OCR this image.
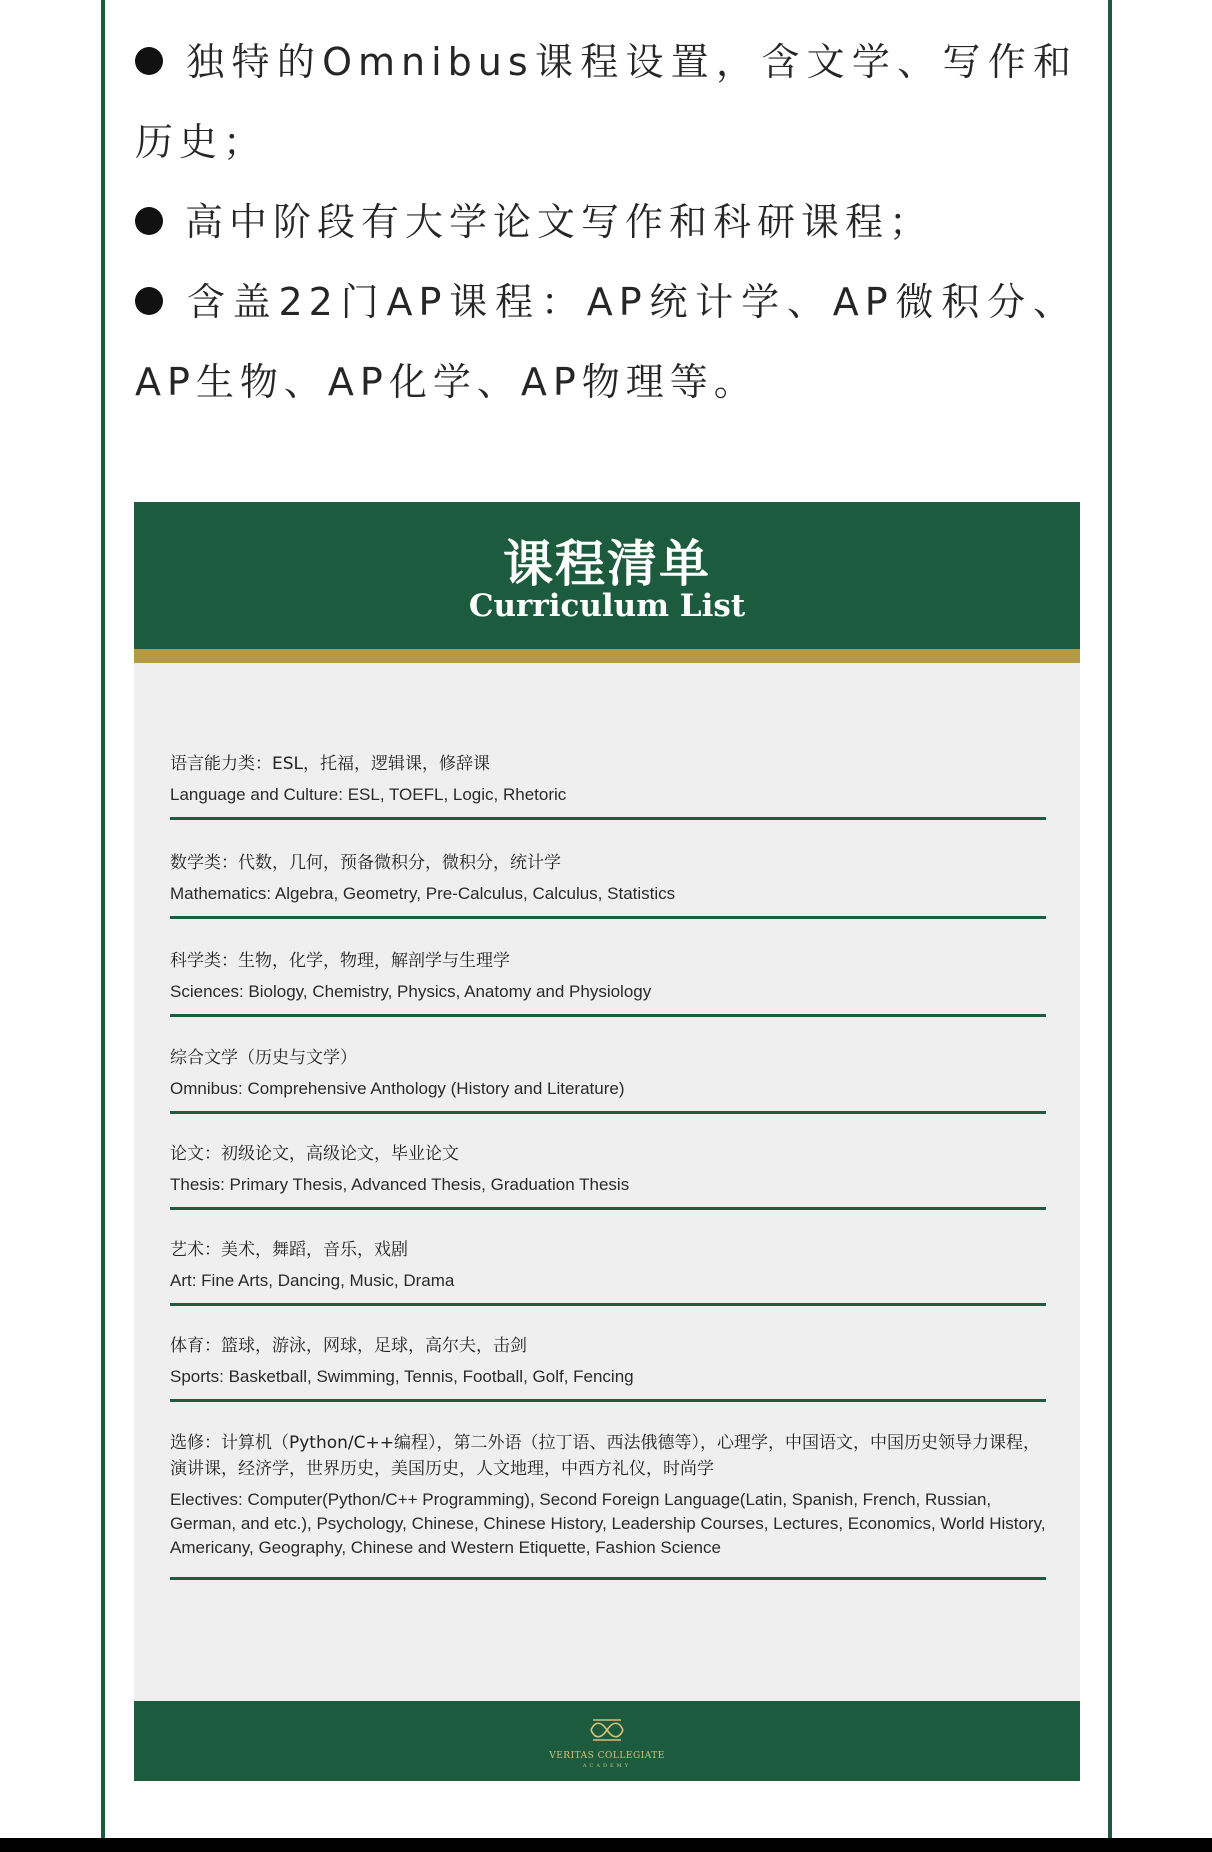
独特的Omnibus课程设置，含文学、写作和历史；

高中阶段有大学论文写作和科研课程；

含盖22门AP课程：AP统计学、AP微积分、AP生物、AP化学、AP物理等。

课程清单
Curriculum List
语言能力类：ESL，托福，逻辑课，修辞课
Language and Culture: ESL, TOEFL, Logic, Rhetoric
数学类：代数，几何，预备微积分，微积分，统计学
Mathematics: Algebra, Geometry, Pre-Calculus, Calculus, Statistics
科学类：生物，化学，物理，解剖学与生理学
Sciences: Biology, Chemistry, Physics, Anatomy and Physiology
综合文学（历史与文学）
Omnibus: Comprehensive Anthology (History and Literature)
论文：初级论文，高级论文，毕业论文
Thesis: Primary Thesis, Advanced Thesis, Graduation Thesis
艺术：美术，舞蹈，音乐，戏剧
Art: Fine Arts, Dancing, Music, Drama
体育：篮球，游泳，网球，足球，高尔夫，击剑
Sports: Basketball, Swimming, Tennis, Football, Golf, Fencing
选修：计算机（Python/C++编程），第二外语（拉丁语、西法俄德等），心理学，中国语文，中国历史领导力课程，演讲课，经济学，世界历史，美国历史，人文地理，中西方礼仪，时尚学
Electives: Computer(Python/C++ Programming), Second Foreign Language(Latin, Spanish, French, Russian, German, and etc.), Psychology, Chinese, Chinese History, Leadership Courses, Lectures, Economics, World History, Americany, Geography, Chinese and Western Etiquette, Fashion Science
VERITAS COLLEGIATE
ACADEMY
